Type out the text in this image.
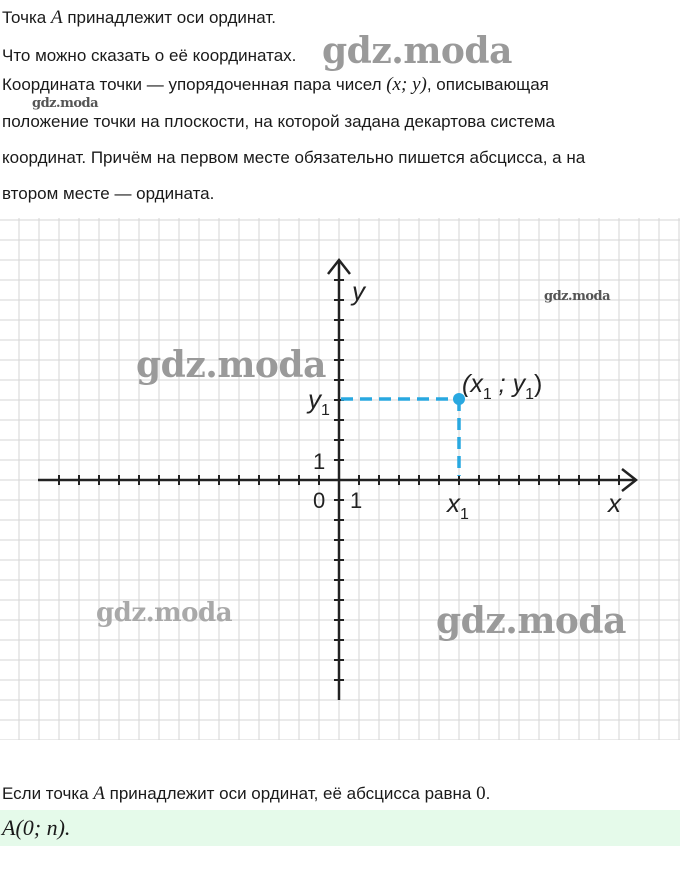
Точка A принадлежит оси ординат.
Что можно сказать о её координатах.
Координата точки — упорядоченная пара чисел (x; y), описывающая
положение точки на плоскости, на которой задана декартова система
координат. Причём на первом месте обязательно пишется абсцисса, а на
втором месте — ордината.
gdz.moda
gdz.moda
y
x
0 1
1
$y_1$
$x_1$
($x_1$ ; $y_1$)
gdz.moda
gdz.moda
gdz.moda	gdz.moda
Если точка A принадлежит оси ординат, её абсцисса равна 0.
A(0; n).
